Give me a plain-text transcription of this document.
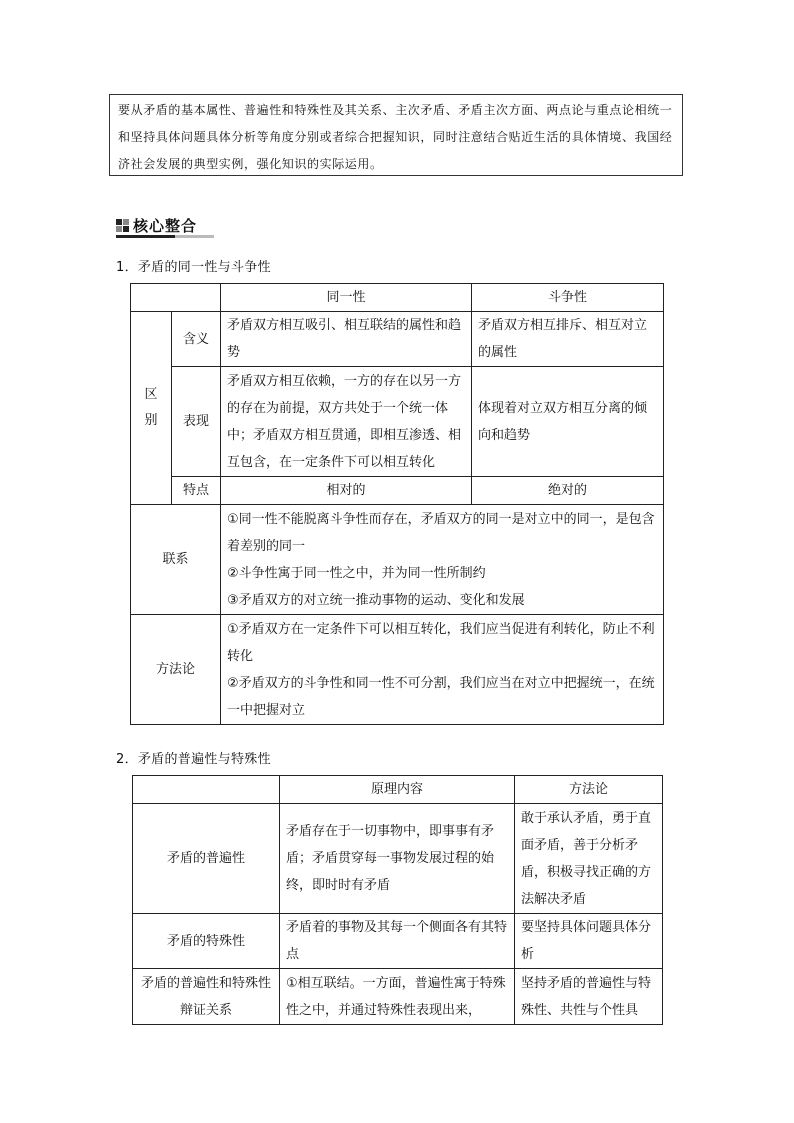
要从矛盾的基本属性、普遍性和特殊性及其关系、主次矛盾、矛盾主次方面、两点论与重点论相统一和坚持具体问题具体分析等角度分别或者综合把握知识，同时注意结合贴近生活的具体情境、我国经济社会发展的典型实例，强化知识的实际运用。
核心整合
1．矛盾的同一性与斗争性
		同一性	斗争性
区别	含义	矛盾双方相互吸引、相互联结的属性和趋势	矛盾双方相互排斥、相互对立的属性
	表现	矛盾双方相互依赖，一方的存在以另一方的存在为前提，双方共处于一个统一体中；矛盾双方相互贯通，即相互渗透、相互包含，在一定条件下可以相互转化	体现着对立双方相互分离的倾向和趋势
	特点	相对的	绝对的
联系		①同一性不能脱离斗争性而存在，矛盾双方的同一是对立中的同一，是包含着差别的同一
②斗争性寓于同一性之中，并为同一性所制约
③矛盾双方的对立统一推动事物的运动、变化和发展	

方法论		①矛盾双方在一定条件下可以相互转化，我们应当促进有利转化，防止不利转化
②矛盾双方的斗争性和同一性不可分割，我们应当在对立中把握统一，在统一中把握对立	
2．矛盾的普遍性与特殊性
	原理内容	方法论
矛盾的普遍性	矛盾存在于一切事物中，即事事有矛盾；矛盾贯穿每一事物发展过程的始终，即时时有矛盾	敢于承认矛盾，勇于直面矛盾，善于分析矛盾，积极寻找正确的方法解决矛盾
矛盾的特殊性	矛盾着的事物及其每一个侧面各有其特点	要坚持具体问题具体分析
矛盾的普遍性和特殊性辩证关系	①相互联结。一方面，普遍性寓于特殊性之中，并通过特殊性表现出来，	坚持矛盾的普遍性与特殊性、共性与个性具
